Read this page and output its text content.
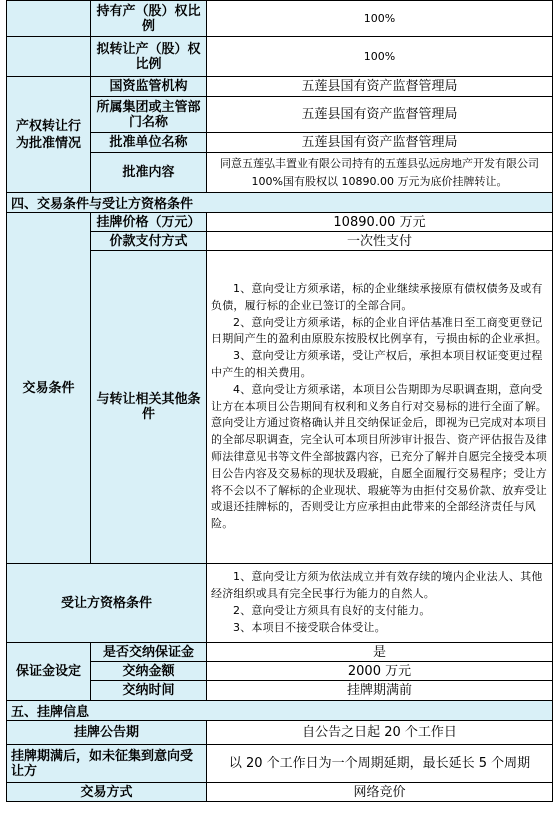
	持有产（股）权比例	100%
	拟转让产（股）权比例	100%
产权转让行为批准情况	国资监管机构	五莲县国有资产监督管理局
	所属集团或主管部门名称	五莲县国有资产监督管理局
	批准单位名称	五莲县国有资产监督管理局
	批准内容	同意五莲弘丰置业有限公司持有的五莲县弘远房地产开发有限公司 100%国有股权以 10890.00 万元为底价挂牌转让。
四、交易条件与受让方资格条件		
交易条件	挂牌价格（万元）	10890.00 万元
	价款支付方式	一次性支付
	与转让相关其他条件	1、意向受让方须承诺，标的企业继续承接原有债权债务及或有负债，履行标的企业已签订的全部合同。

2、意向受让方须承诺，标的企业自评估基准日至工商变更登记日期间产生的盈利由原股东按股权比例享有，亏损由标的企业承担。

3、意向受让方须承诺，受让产权后，承担本项目权证变更过程中产生的相关费用。

4、意向受让方须承诺，本项目公告期即为尽职调查期，意向受让方在本项目公告期间有权利和义务自行对交易标的进行全面了解。意向受让方通过资格确认并且交纳保证金后，即视为已完成对本项目的全部尽职调查，完全认可本项目所涉审计报告、资产评估报告及律师法律意见书等文件全部披露内容，已充分了解并自愿完全接受本项目公告内容及交易标的现状及瑕疵，自愿全面履行交易程序；受让方将不会以不了解标的企业现状、瑕疵等为由拒付交易价款、放弃受让或退还挂牌标的，否则受让方应承担由此带来的全部经济责任与风险。

受让方资格条件		1、意向受让方须为依法成立并有效存续的境内企业法人、其他经济组织或具有完全民事行为能力的自然人。

2、意向受让方须具有良好的支付能力。

3、本项目不接受联合体受让。

保证金设定	是否交纳保证金	是
	交纳金额	2000 万元
	交纳时间	挂牌期满前
五、挂牌信息		
挂牌公告期		自公告之日起 20 个工作日
挂牌期满后，如未征集到意向受让方		以 20 个工作日为一个周期延期，最长延长 5 个周期
交易方式		网络竞价
